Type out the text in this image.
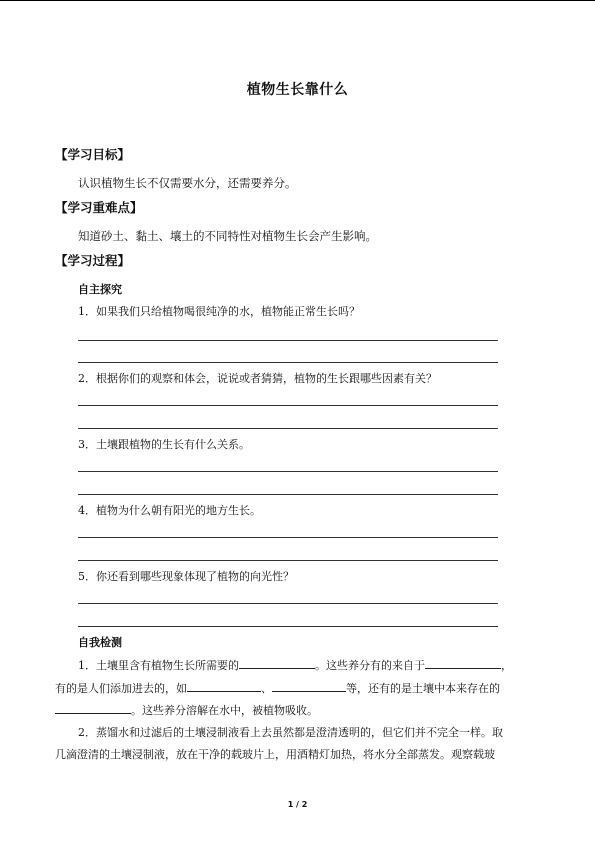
植物生长靠什么
【学习目标】
认识植物生长不仅需要水分，还需要养分。
【学习重难点】
知道砂土、黏土、壤土的不同特性对植物生长会产生影响。
【学习过程】
自主探究
1．如果我们只给植物喝很纯净的水，植物能正常生长吗？
2．根据你们的观察和体会，说说或者猜猜，植物的生长跟哪些因素有关？
3．土壤跟植物的生长有什么关系。
4．植物为什么朝有阳光的地方生长。
5．你还看到哪些现象体现了植物的向光性？
自我检测
1．土壤里含有植物生长所需要的	。这些养分有的来自于	，
有的是人们添加进去的，如	、	等，还有的是土壤中本来存在的
。这些养分溶解在水中，被植物吸收。
2．蒸馏水和过滤后的土壤浸制液看上去虽然都是澄清透明的，但它们并不完全一样。取
几滴澄清的土壤浸制液，放在干净的载玻片上，用酒精灯加热，将水分全部蒸发。观察载玻
1 / 2
